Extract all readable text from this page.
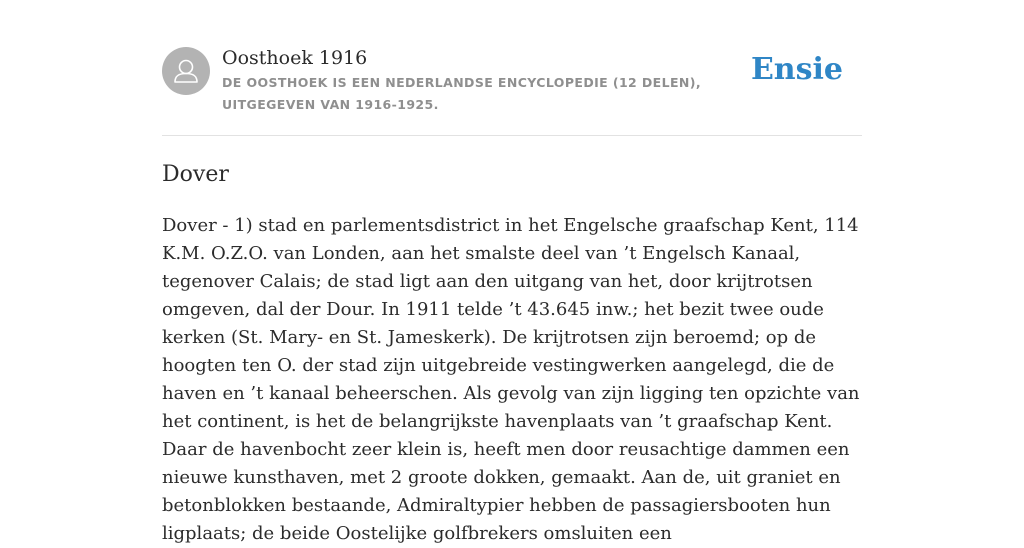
Oosthoek 1916
DE OOSTHOEK IS EEN NEDERLANDSE ENCYCLOPEDIE (12 DELEN), UITGEGEVEN VAN 1916-1925.
Ensie
Dover

Dover - 1) stad en parlementsdistrict in het Engelsche graafschap Kent, 114 K.M. O.Z.O. van Londen, aan het smalste deel van ’t Engelsch Kanaal, tegenover Calais; de stad ligt aan den uitgang van het, door krijtrotsen omgeven, dal der Dour. In 1911 telde ’t 43.645 inw.; het bezit twee oude kerken (St. Mary- en St. Jameskerk). De krijtrotsen zijn beroemd; op de hoogten ten O. der stad zijn uitgebreide vestingwerken aangelegd, die de haven en ’t kanaal beheerschen. Als gevolg van zijn ligging ten opzichte van het continent, is het de belangrijkste havenplaats van ’t graafschap Kent. Daar de havenbocht zeer klein is, heeft men door reusachtige dammen een nieuwe kunsthaven, met 2 groote dokken, gemaakt. Aan de, uit graniet en betonblokken bestaande, Admiraltypier hebben de passagiersbooten hun ligplaats; de beide Oostelijke golfbrekers omsluiten een
